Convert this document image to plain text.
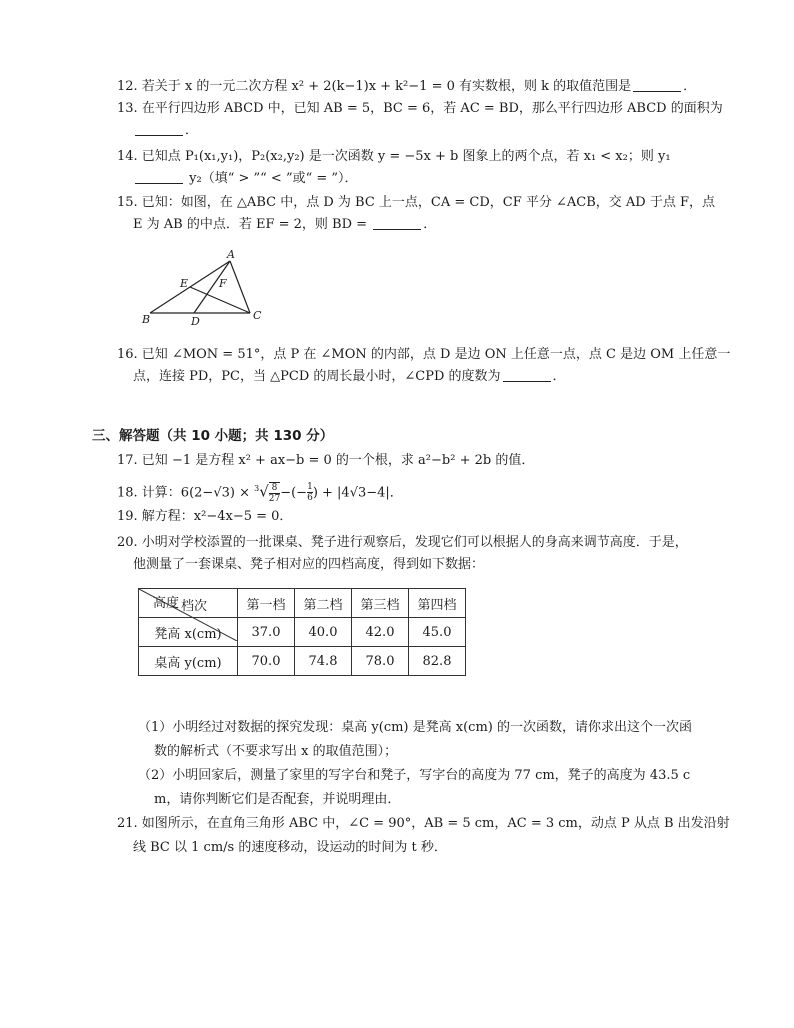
12. 若关于 x 的一元二次方程 x² + 2(k−1)x + k²−1 = 0 有实数根，则 k 的取值范围是	．
13. 在平行四边形 ABCD 中，已知 AB = 5，BC = 6，若 AC = BD，那么平行四边形 ABCD 的面积为
．
14. 已知点 P₁(x₁,y₁)，P₂(x₂,y₂) 是一次函数 y = −5x + b 图象上的两个点，若 x₁ < x₂；则 y₁
y₂（填“ > ”“ < ”或“ = ”）．
15. 已知：如图，在 △ABC 中，点 D 为 BC 上一点，CA = CD，CF 平分 ∠ACB，交 AD 于点 F，点
E 为 AB 的中点．若 EF = 2，则 BD =	．
A
B	C
D
E	F
16. 已知 ∠MON = 51°，点 P 在 ∠MON 的内部，点 D 是边 ON 上任意一点，点 C 是边 OM 上任意一
点，连接 PD，PC，当 △PCD 的周长最小时，∠CPD 的度数为	．
三、解答题（共 10 小题；共 130 分）
17. 已知 −1 是方程 x² + ax−b = 0 的一个根，求 a²−b² + 2b 的值．
18. 计算：$6(2-√3) \times ^3√ \frac{8}{27}$ −(− $\frac{1}{6}$ ) + |4√3−4|．
19. 解方程：x²−4x−5 = 0．
20. 小明对学校添置的一批课桌、凳子进行观察后，发现它们可以根据人的身高来调节高度．于是，
他测量了一套课桌、凳子相对应的四档高度，得到如下数据：
档次
高度	第一档	第二档	第三档	第四档
凳高 x(cm)	37.0	40.0	42.0	45.0
桌高 y(cm)	70.0	74.8	78.0	82.8
（1）小明经过对数据的探究发现：桌高 y(cm) 是凳高 x(cm) 的一次函数，请你求出这个一次函
数的解析式（不要求写出 x 的取值范围）；
（2）小明回家后，测量了家里的写字台和凳子，写字台的高度为 77 cm，凳子的高度为 43.5 c
m，请你判断它们是否配套，并说明理由．
21. 如图所示，在直角三角形 ABC 中，∠C = 90°，AB = 5 cm，AC = 3 cm，动点 P 从点 B 出发沿射
线 BC 以 1 cm/s 的速度移动，设运动的时间为 t 秒．
